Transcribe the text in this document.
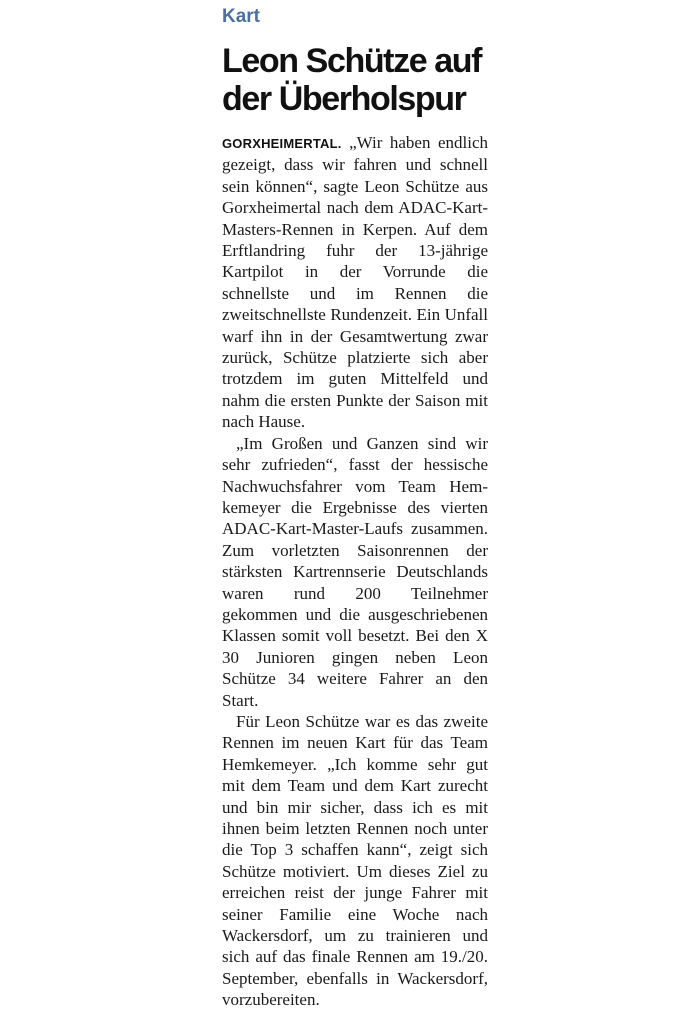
Kart
Leon Schütze auf
der Überholspur

GORXHEIMERTAL. „Wir haben endlich gezeigt, dass wir fahren und schnell sein können“, sagte Leon Schütze aus Gorxheimertal nach dem ADAC-Kart-Masters-Rennen in Kerpen. Auf dem Erftlandring fuhr der 13-jährige Kartpilot in der Vorrunde die schnellste und im Rennen die zweitschnellste Rundenzeit. Ein Unfall warf ihn in der Gesamtwertung zwar zurück, Schütze platzierte sich aber trotzdem im guten Mittelfeld und nahm die ersten Punkte der Saison mit nach Hause.

„Im Großen und Ganzen sind wir sehr zufrieden“, fasst der hessische Nachwuchsfahrer vom Team Hemkemeyer die Ergebnisse des vierten ADAC-Kart-Master-Laufs zusammen. Zum vorletzten Saisonrennen der stärksten Kartrennserie Deutschlands waren rund 200 Teilnehmer gekommen und die ausgeschriebenen Klassen somit voll besetzt. Bei den X 30 Junioren gingen neben Leon Schütze 34 weitere Fahrer an den Start.

Für Leon Schütze war es das zweite Rennen im neuen Kart für das Team Hemkemeyer. „Ich komme sehr gut mit dem Team und dem Kart zurecht und bin mir sicher, dass ich es mit ihnen beim letzten Rennen noch unter die Top 3 schaffen kann“, zeigt sich Schütze motiviert. Um dieses Ziel zu erreichen reist der junge Fahrer mit seiner Familie eine Woche nach Wackersdorf, um zu trainieren und sich auf das finale Rennen am 19./20. September, ebenfalls in Wackersdorf, vorzubereiten.
